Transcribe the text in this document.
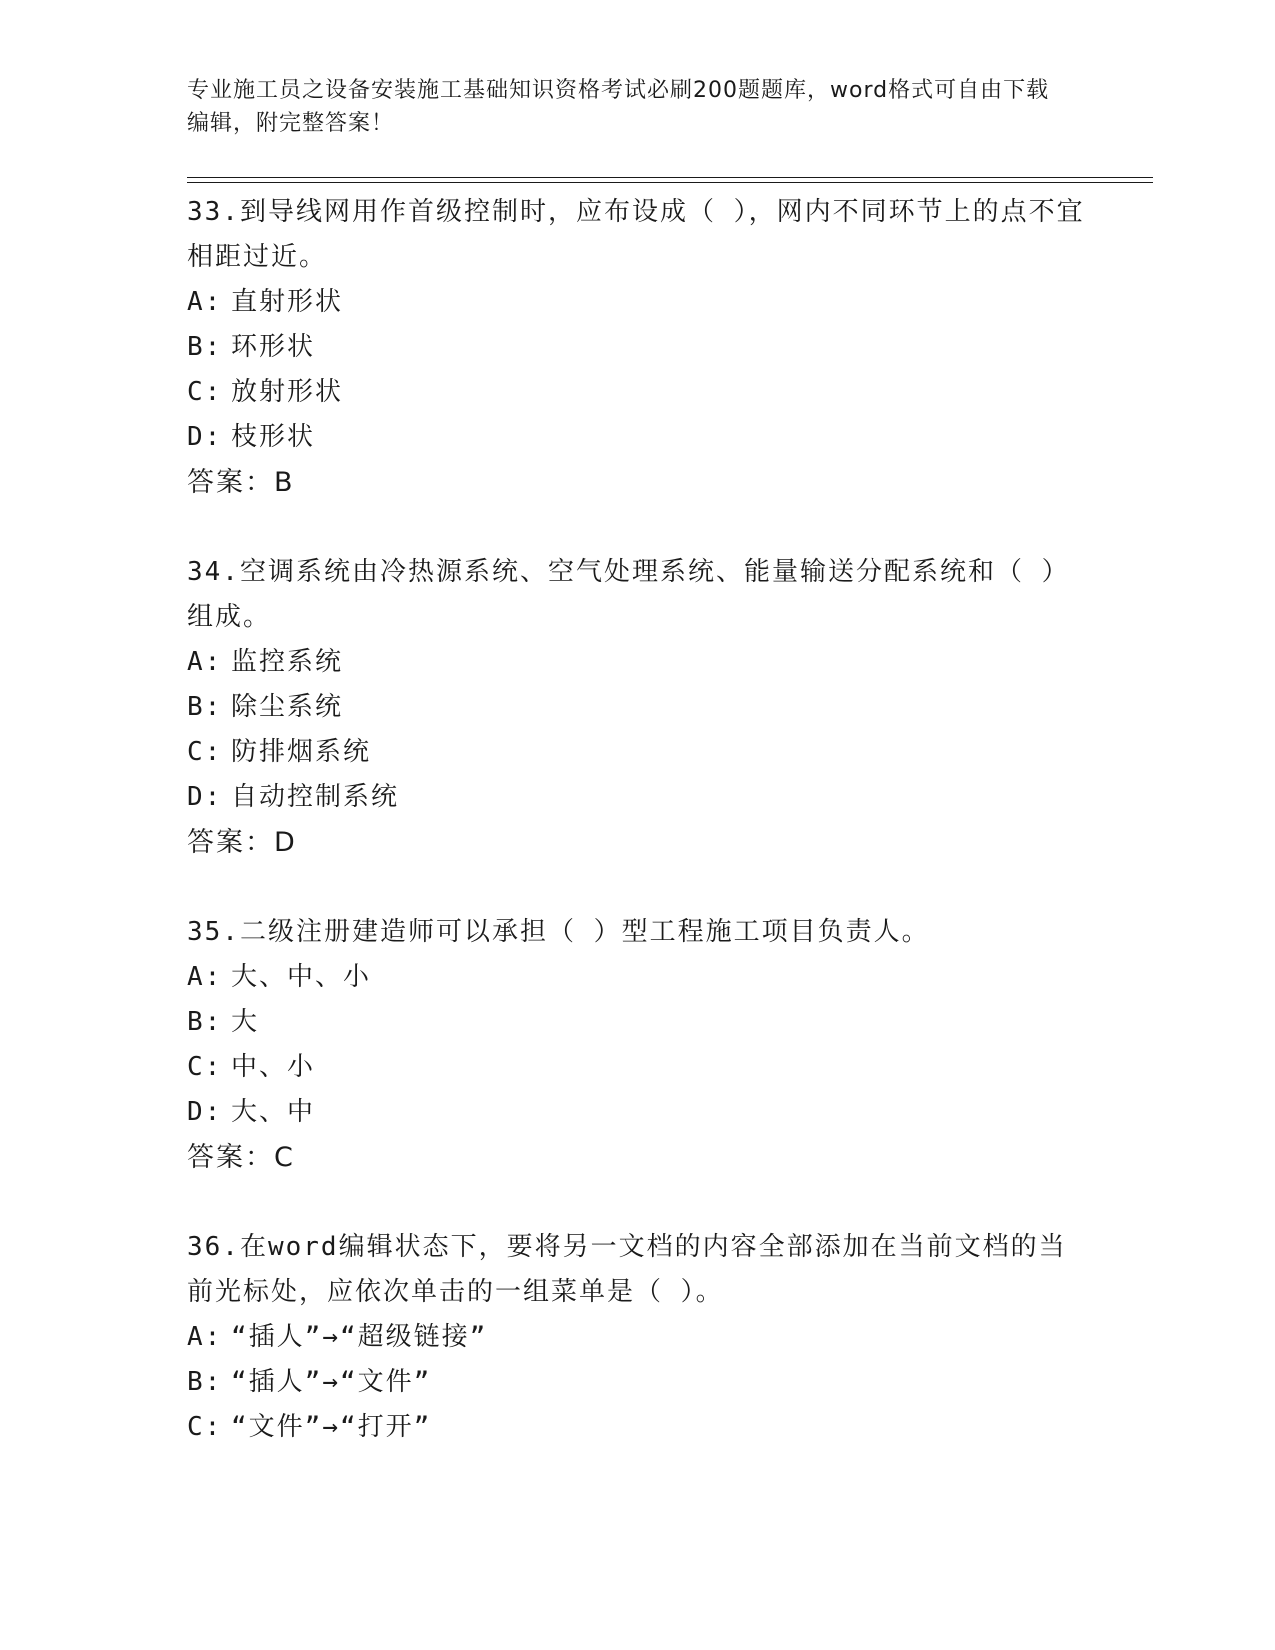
专业施工员之设备安装施工基础知识资格考试必刷200题题库，word格式可自由下载编辑，附完整答案！
33.到导线网用作首级控制时，应布设成（ ），网内不同环节上的点不宜相距过近。
A: 直射形状
B: 环形状
C: 放射形状
D: 枝形状
答案：B
34.空调系统由冷热源系统、空气处理系统、能量输送分配系统和（ ）组成。
A: 监控系统
B: 除尘系统
C: 防排烟系统
D: 自动控制系统
答案：D
35.二级注册建造师可以承担（ ）型工程施工项目负责人。
A: 大、中、小
B: 大
C: 中、小
D: 大、中
答案：C
36.在word编辑状态下，要将另一文档的内容全部添加在当前文档的当前光标处，应依次单击的一组菜单是（ ）。
A: “插人”→“超级链接”
B: “插人”→“文件”
C: “文件”→“打开”
